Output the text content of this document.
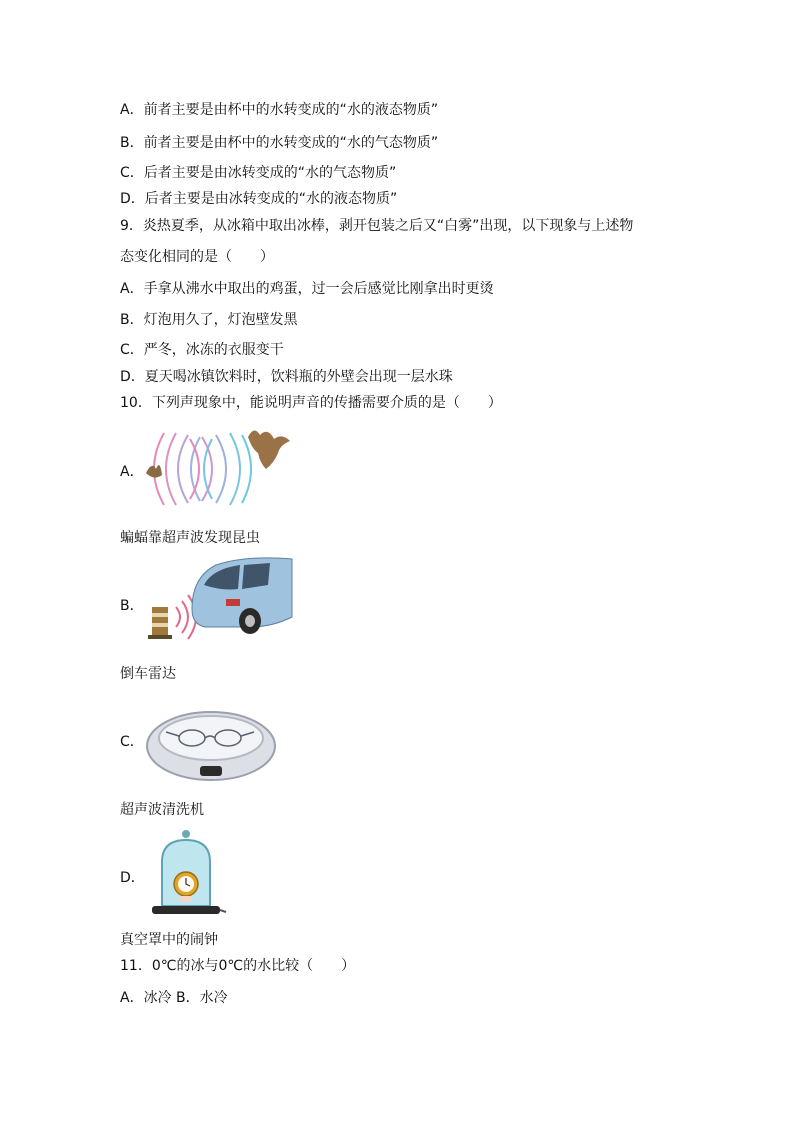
A．前者主要是由杯中的水转变成的“水的液态物质”
B．前者主要是由杯中的水转变成的“水的气态物质”
C．后者主要是由冰转变成的“水的气态物质”
D．后者主要是由冰转变成的“水的液态物质”
9．炎热夏季，从冰箱中取出冰棒，剥开包装之后又“白雾”出现，以下现象与上述物
态变化相同的是（　　）
A．手拿从沸水中取出的鸡蛋，过一会后感觉比刚拿出时更烫
B．灯泡用久了，灯泡壁发黑
C．严冬，冰冻的衣服变干
D．夏天喝冰镇饮料时，饮料瓶的外壁会出现一层水珠
10．下列声现象中，能说明声音的传播需要介质的是（　　）
A．
蝙蝠靠超声波发现昆虫
B．
倒车雷达
C．
超声波清洗机
D．
真空罩中的闹钟
11．0℃的冰与0℃的水比较（　　）
A．冰冷 B．水冷
